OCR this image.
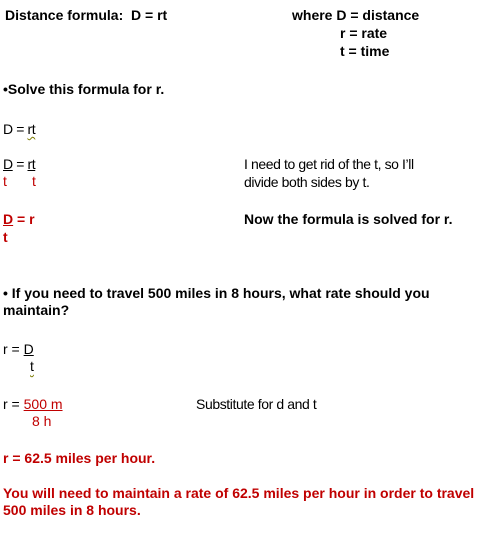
Distance formula: D = rt	where D = distance
r = rate
t = time
•Solve this formula for r.
D = rt
D = rt
t t
I need to get rid of the t, so I’ll
divide both sides by t.
D = r
t
Now the formula is solved for r.
• If you need to travel 500 miles in 8 hours, what rate should you maintain?
r = D
t
r = 500 m
8 h
Substitute for d and t
r = 62.5 miles per hour.
You will need to maintain a rate of 62.5 miles per hour in order to travel 500 miles in 8 hours.
